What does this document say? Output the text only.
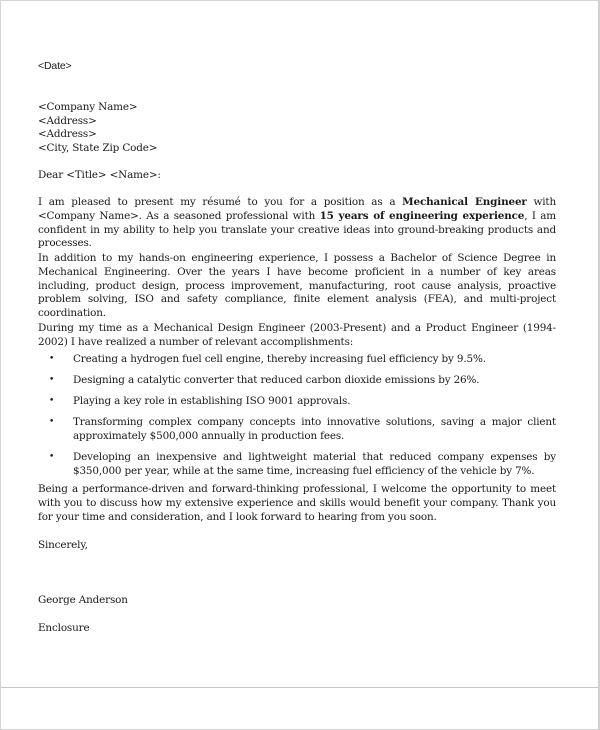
<Date>
<Company Name>
<Address>
<Address>
<City, State Zip Code>
Dear <Title> <Name>:
I am pleased to present my résumé to you for a position as a Mechanical Engineer with <Company Name>. As a seasoned professional with 15 years of engineering experience, I am confident in my ability to help you translate your creative ideas into ground-breaking products and processes.
In addition to my hands-on engineering experience, I possess a Bachelor of Science Degree in Mechanical Engineering. Over the years I have become proficient in a number of key areas including, product design, process improvement, manufacturing, root cause analysis, proactive problem solving, ISO and safety compliance, finite element analysis (FEA), and multi-project coordination.
During my time as a Mechanical Design Engineer (2003-Present) and a Product Engineer (1994-2002) I have realized a number of relevant accomplishments:
• Creating a hydrogen fuel cell engine, thereby increasing fuel efficiency by 9.5%.
• Designing a catalytic converter that reduced carbon dioxide emissions by 26%.
• Playing a key role in establishing ISO 9001 approvals.
• Transforming complex company concepts into innovative solutions, saving a major client approximately $500,000 annually in production fees.
• Developing an inexpensive and lightweight material that reduced company expenses by $350,000 per year, while at the same time, increasing fuel efficiency of the vehicle by 7%.
Being a performance-driven and forward-thinking professional, I welcome the opportunity to meet with you to discuss how my extensive experience and skills would benefit your company. Thank you for your time and consideration, and I look forward to hearing from you soon.
Sincerely,
George Anderson
Enclosure
